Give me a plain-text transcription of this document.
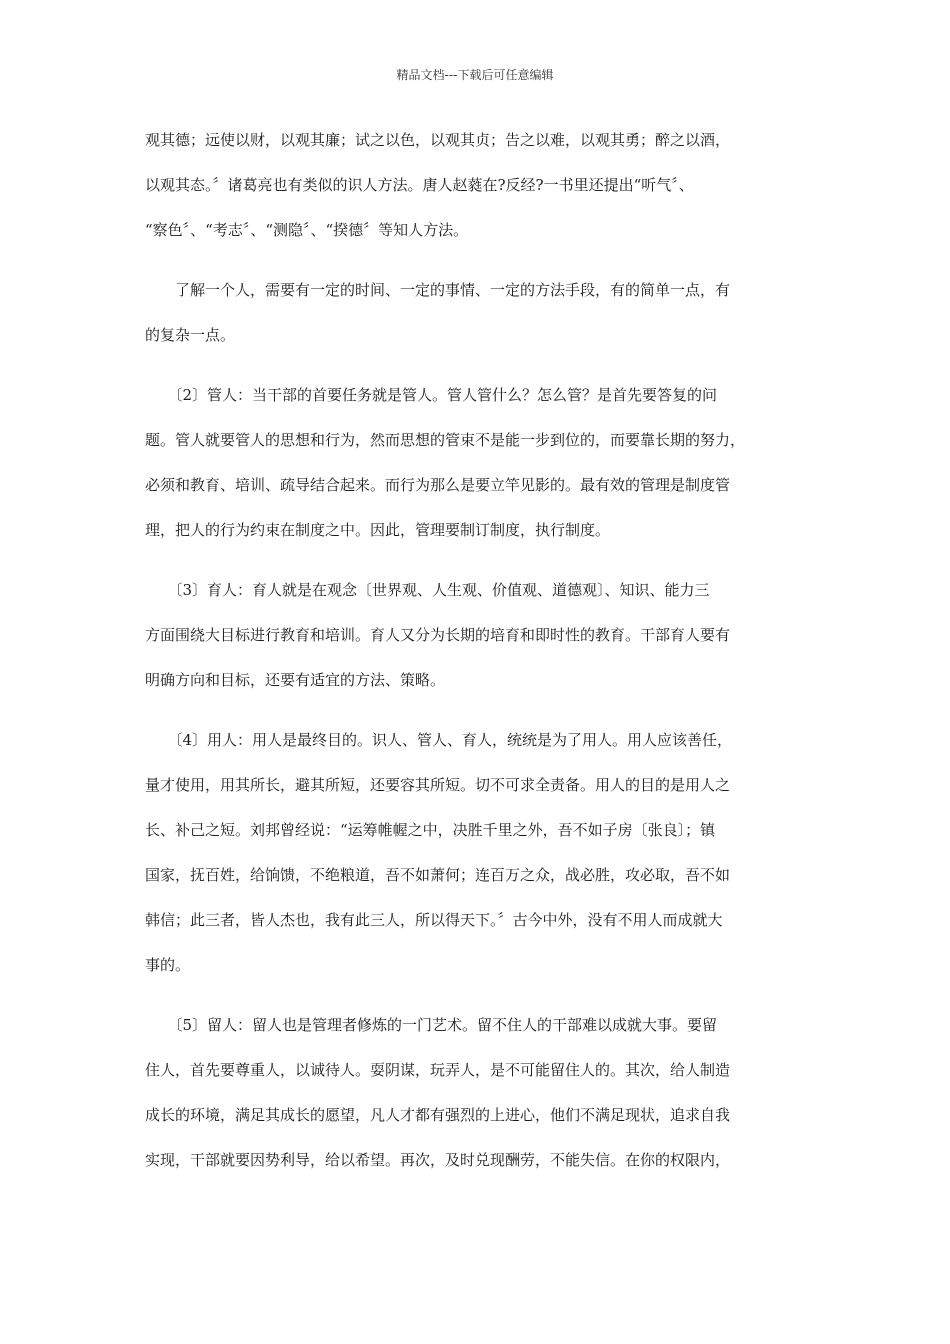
精品文档---下载后可任意编辑
观其德；远使以财，以观其廉；试之以色，以观其贞；告之以难，以观其勇；醉之以酒，
以观其态。〞诸葛亮也有类似的识人方法。唐人赵蕤在?反经?一书里还提出“听气〞、
“察色〞、“考志〞、“测隐〞、“揆德〞等知人方法。
　　了解一个人，需要有一定的时间、一定的事情、一定的方法手段，有的简单一点，有
的复杂一点。
　　〔2〕管人：当干部的首要任务就是管人。管人管什么？怎么管？是首先要答复的问
题。管人就要管人的思想和行为，然而思想的管束不是能一步到位的，而要靠长期的努力，
必须和教育、培训、疏导结合起来。而行为那么是要立竿见影的。最有效的管理是制度管
理，把人的行为约束在制度之中。因此，管理要制订制度，执行制度。
　　〔3〕育人：育人就是在观念〔世界观、人生观、价值观、道德观〕、知识、能力三
方面围绕大目标进行教育和培训。育人又分为长期的培育和即时性的教育。干部育人要有
明确方向和目标，还要有适宜的方法、策略。
　　〔4〕用人：用人是最终目的。识人、管人、育人，统统是为了用人。用人应该善任，
量才使用，用其所长，避其所短，还要容其所短。切不可求全责备。用人的目的是用人之
长、补己之短。刘邦曾经说：“运筹帷幄之中，决胜千里之外，吾不如子房〔张良〕；镇
国家，抚百姓，给饷馈，不绝粮道，吾不如萧何；连百万之众，战必胜，攻必取，吾不如
韩信；此三者，皆人杰也，我有此三人，所以得天下。〞古今中外，没有不用人而成就大
事的。
　　〔5〕留人：留人也是管理者修炼的一门艺术。留不住人的干部难以成就大事。要留
住人，首先要尊重人，以诚待人。耍阴谋，玩弄人，是不可能留住人的。其次，给人制造
成长的环境，满足其成长的愿望，凡人才都有强烈的上进心，他们不满足现状，追求自我
实现，干部就要因势利导，给以希望。再次，及时兑现酬劳，不能失信。在你的权限内，
